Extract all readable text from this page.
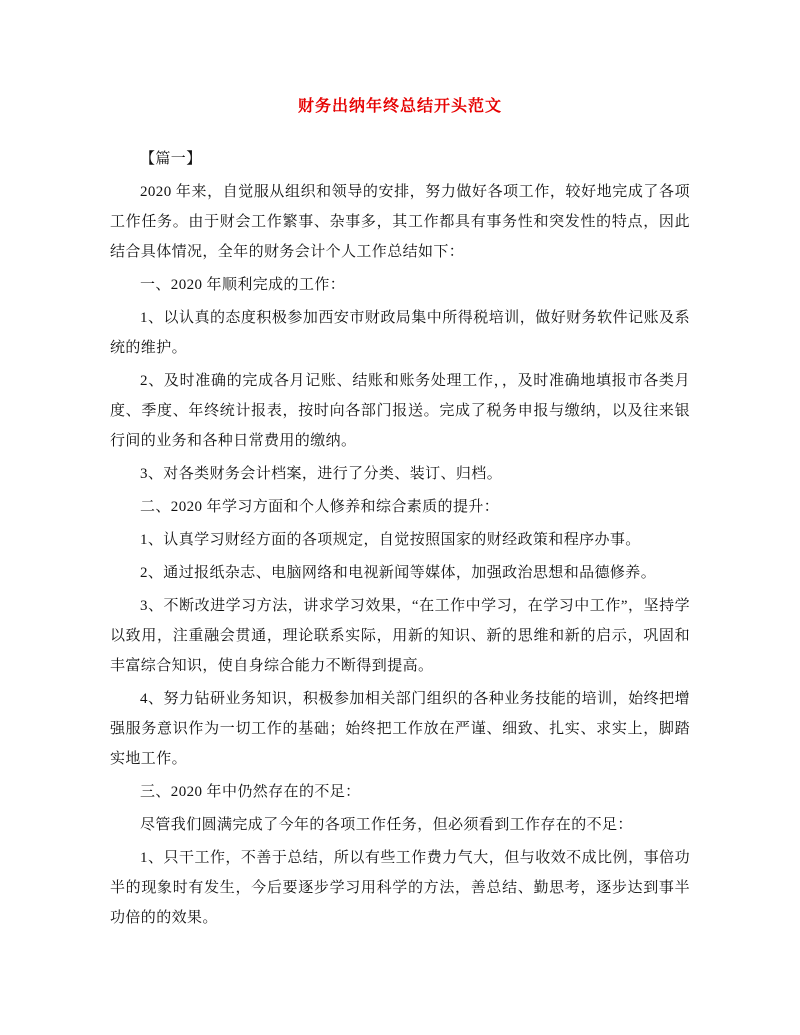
财务出纳年终总结开头范文

【篇一】

2020 年来，自觉服从组织和领导的安排，努力做好各项工作，较好地完成了各项工作任务。由于财会工作繁事、杂事多，其工作都具有事务性和突发性的特点，因此结合具体情况，全年的财务会计个人工作总结如下：

一、2020 年顺利完成的工作：

1、以认真的态度积极参加西安市财政局集中所得税培训，做好财务软件记账及系统的维护。

2、及时准确的完成各月记账、结账和账务处理工作，，及时准确地填报市各类月度、季度、年终统计报表，按时向各部门报送。完成了税务申报与缴纳，以及往来银行间的业务和各种日常费用的缴纳。

3、对各类财务会计档案，进行了分类、装订、归档。

二、2020 年学习方面和个人修养和综合素质的提升：

1、认真学习财经方面的各项规定，自觉按照国家的财经政策和程序办事。

2、通过报纸杂志、电脑网络和电视新闻等媒体，加强政治思想和品德修养。

3、不断改进学习方法，讲求学习效果，“在工作中学习，在学习中工作”，坚持学以致用，注重融会贯通，理论联系实际，用新的知识、新的思维和新的启示，巩固和丰富综合知识，使自身综合能力不断得到提高。

4、努力钻研业务知识，积极参加相关部门组织的各种业务技能的培训，始终把增强服务意识作为一切工作的基础；始终把工作放在严谨、细致、扎实、求实上，脚踏实地工作。

三、2020 年中仍然存在的不足：

尽管我们圆满完成了今年的各项工作任务，但必须看到工作存在的不足：

1、只干工作，不善于总结，所以有些工作费力气大，但与收效不成比例，事倍功半的现象时有发生，今后要逐步学习用科学的方法，善总结、勤思考，逐步达到事半功倍的的效果。
